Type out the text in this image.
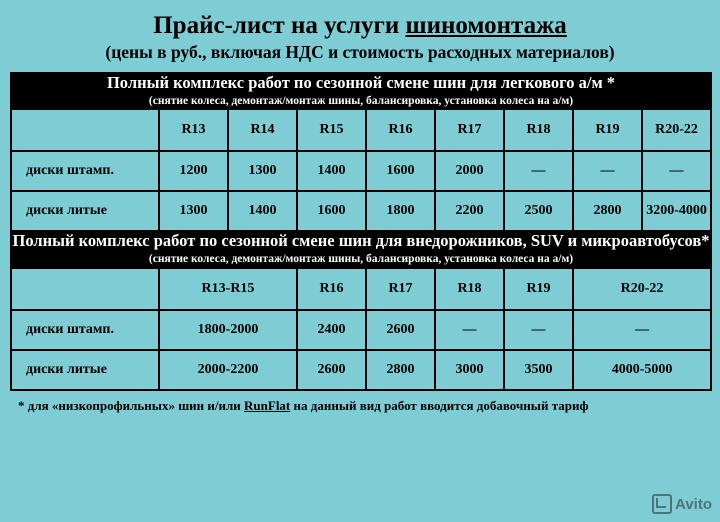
Прайс-лист на услуги шиномонтажа
(цены в руб., включая НДС и стоимость расходных материалов)
Полный комплекс работ по сезонной смене шин для легкового а/м *
(снятие колеса, демонтаж/монтаж шины, балансировка, установка колеса на а/м)								

	R13	R14	R15	R16	R17	R18	R19	R20-22
диски штамп.	1200	1300	1400	1600	2000	—	—	—
диски литые	1300	1400	1600	1800	2200	2500	2800	3200-4000

Полный комплекс работ по сезонной смене шин для внедорожников, SUV и микроавтобусов*
(снятие колеса, демонтаж/монтаж шины, балансировка, установка колеса на а/м)								

	R13-R15		R16	R17	R18	R19	R20-22	
диски штамп.	1800-2000		2400	2600	—	—	—	
диски литые	2000-2200		2600	2800	3000	3500	4000-5000	
* для «низкопрофильных» шин и/или RunFlat на данный вид работ вводится добавочный тариф
Avito
